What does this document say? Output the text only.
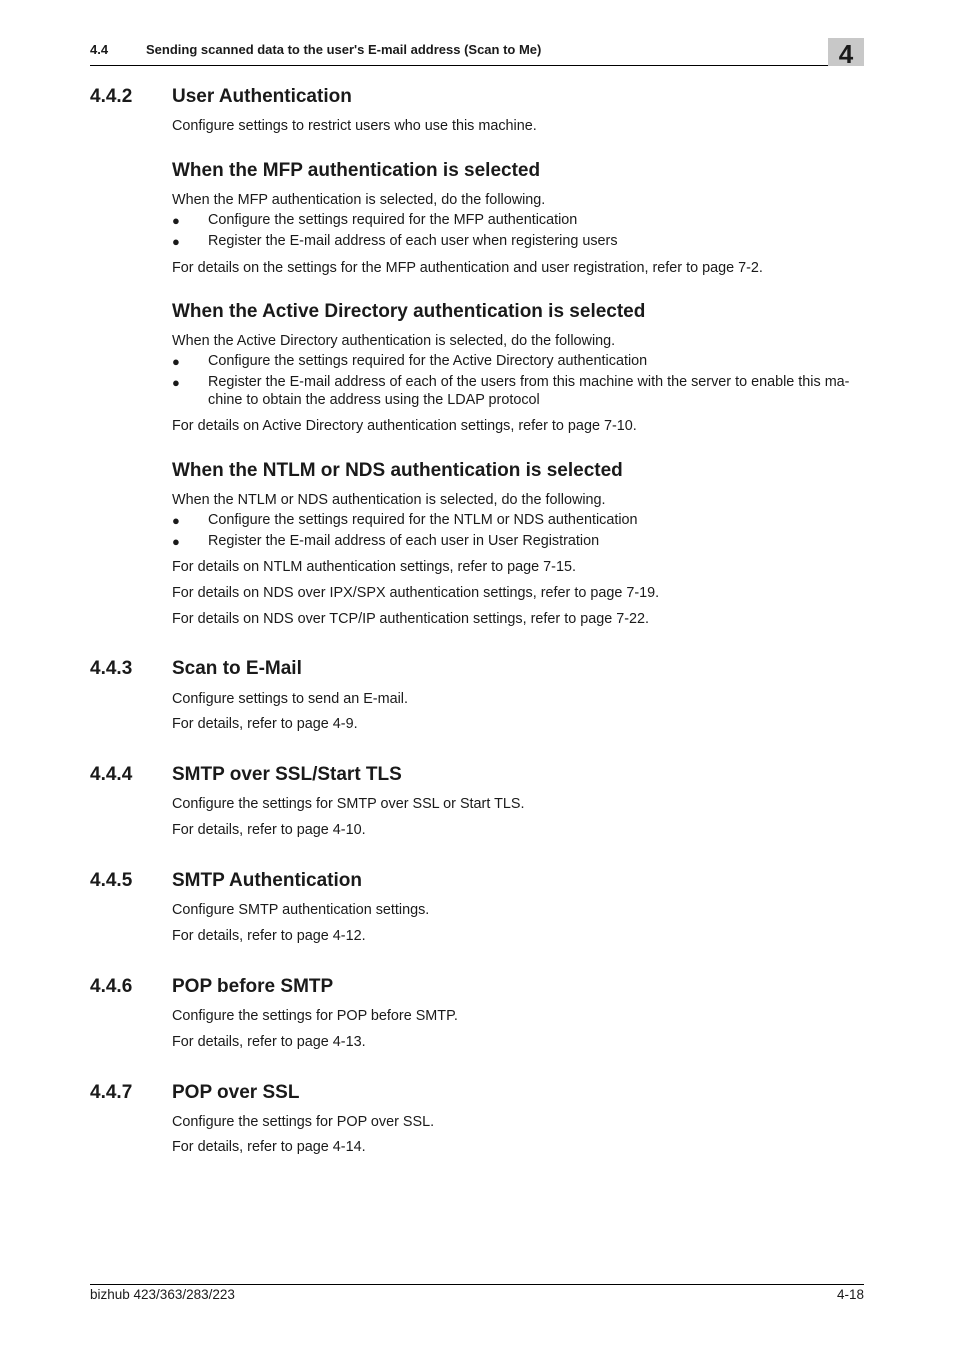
4.4	Sending scanned data to the user's E-mail address (Scan to Me)	4
4.4.2 User Authentication
Configure settings to restrict users who use this machine.
When the MFP authentication is selected
When the MFP authentication is selected, do the following.
● Configure the settings required for the MFP authentication
● Register the E-mail address of each user when registering users
For details on the settings for the MFP authentication and user registration, refer to page 7-2.
When the Active Directory authentication is selected
When the Active Directory authentication is selected, do the following.
● Configure the settings required for the Active Directory authentication
● Register the E-mail address of each of the users from this machine with the server to enable this ma-
chine to obtain the address using the LDAP protocol
For details on Active Directory authentication settings, refer to page 7-10.
When the NTLM or NDS authentication is selected
When the NTLM or NDS authentication is selected, do the following.
● Configure the settings required for the NTLM or NDS authentication
● Register the E-mail address of each user in User Registration
For details on NTLM authentication settings, refer to page 7-15.
For details on NDS over IPX/SPX authentication settings, refer to page 7-19.
For details on NDS over TCP/IP authentication settings, refer to page 7-22.
4.4.3 Scan to E-Mail
Configure settings to send an E-mail.
For details, refer to page 4-9.
4.4.4 SMTP over SSL/Start TLS
Configure the settings for SMTP over SSL or Start TLS.
For details, refer to page 4-10.
4.4.5 SMTP Authentication
Configure SMTP authentication settings.
For details, refer to page 4-12.
4.4.6 POP before SMTP
Configure the settings for POP before SMTP.
For details, refer to page 4-13.
4.4.7 POP over SSL
Configure the settings for POP over SSL.
For details, refer to page 4-14.
bizhub 423/363/283/223	4-18
